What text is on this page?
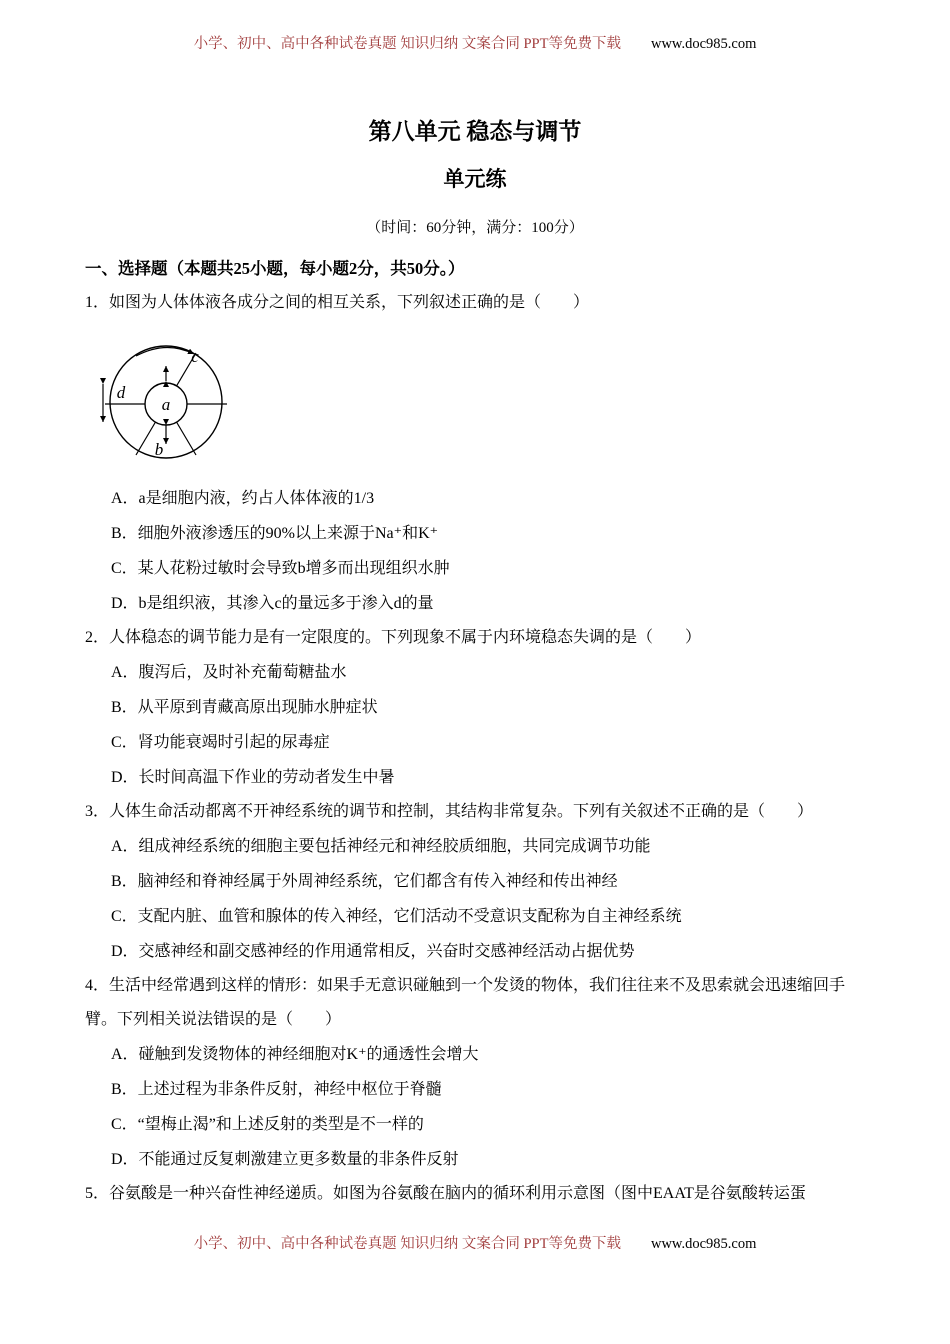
小学、初中、高中各种试卷真题 知识归纳 文案合同 PPT等免费下载 www.doc985.com
第八单元 稳态与调节
单元练

（时间：60分钟，满分：100分）

一、选择题（本题共25小题，每小题2分，共50分。）

1．如图为人体体液各成分之间的相互关系，下列叙述正确的是（　　）

a
b
c
d

A．a是细胞内液，约占人体体液的1/3

B．细胞外液渗透压的90%以上来源于Na⁺和K⁺

C．某人花粉过敏时会导致b增多而出现组织水肿

D．b是组织液，其渗入c的量远多于渗入d的量

2．人体稳态的调节能力是有一定限度的。下列现象不属于内环境稳态失调的是（　　）

A．腹泻后，及时补充葡萄糖盐水

B．从平原到青藏高原出现肺水肿症状

C．肾功能衰竭时引起的尿毒症

D．长时间高温下作业的劳动者发生中暑

3．人体生命活动都离不开神经系统的调节和控制，其结构非常复杂。下列有关叙述不正确的是（　　）

A．组成神经系统的细胞主要包括神经元和神经胶质细胞，共同完成调节功能

B．脑神经和脊神经属于外周神经系统，它们都含有传入神经和传出神经

C．支配内脏、血管和腺体的传入神经，它们活动不受意识支配称为自主神经系统

D．交感神经和副交感神经的作用通常相反，兴奋时交感神经活动占据优势

4．生活中经常遇到这样的情形：如果手无意识碰触到一个发烫的物体，我们往往来不及思索就会迅速缩回手臂。下列相关说法错误的是（　　）

A．碰触到发烫物体的神经细胞对K⁺的通透性会增大

B．上述过程为非条件反射，神经中枢位于脊髓

C．“望梅止渴”和上述反射的类型是不一样的

D．不能通过反复刺激建立更多数量的非条件反射

5．谷氨酸是一种兴奋性神经递质。如图为谷氨酸在脑内的循环利用示意图（图中EAAT是谷氨酸转运蛋

小学、初中、高中各种试卷真题 知识归纳 文案合同 PPT等免费下载 www.doc985.com
